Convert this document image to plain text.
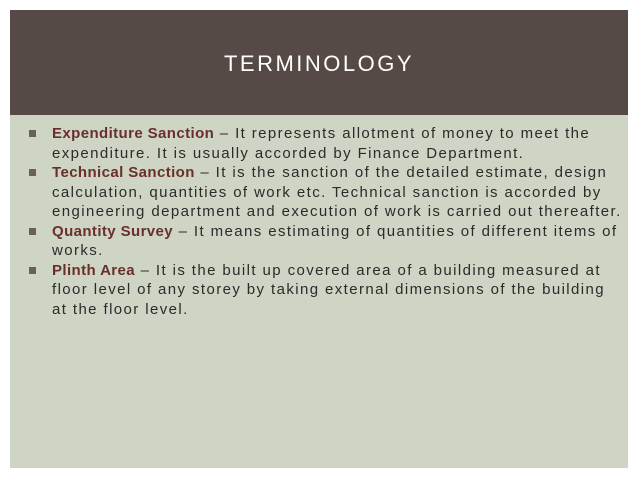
TERMINOLOGY
Expenditure Sanction – It represents allotment of money to meet the expenditure. It is usually accorded by Finance Department.
Technical Sanction – It is the sanction of the detailed estimate, design calculation, quantities of work etc. Technical sanction is accorded by engineering department and execution of work is carried out thereafter.
Quantity Survey – It means estimating of quantities of different items of works.
Plinth Area – It is the built up covered area of a building measured at floor level of any storey by taking external dimensions of the building at the floor level.
